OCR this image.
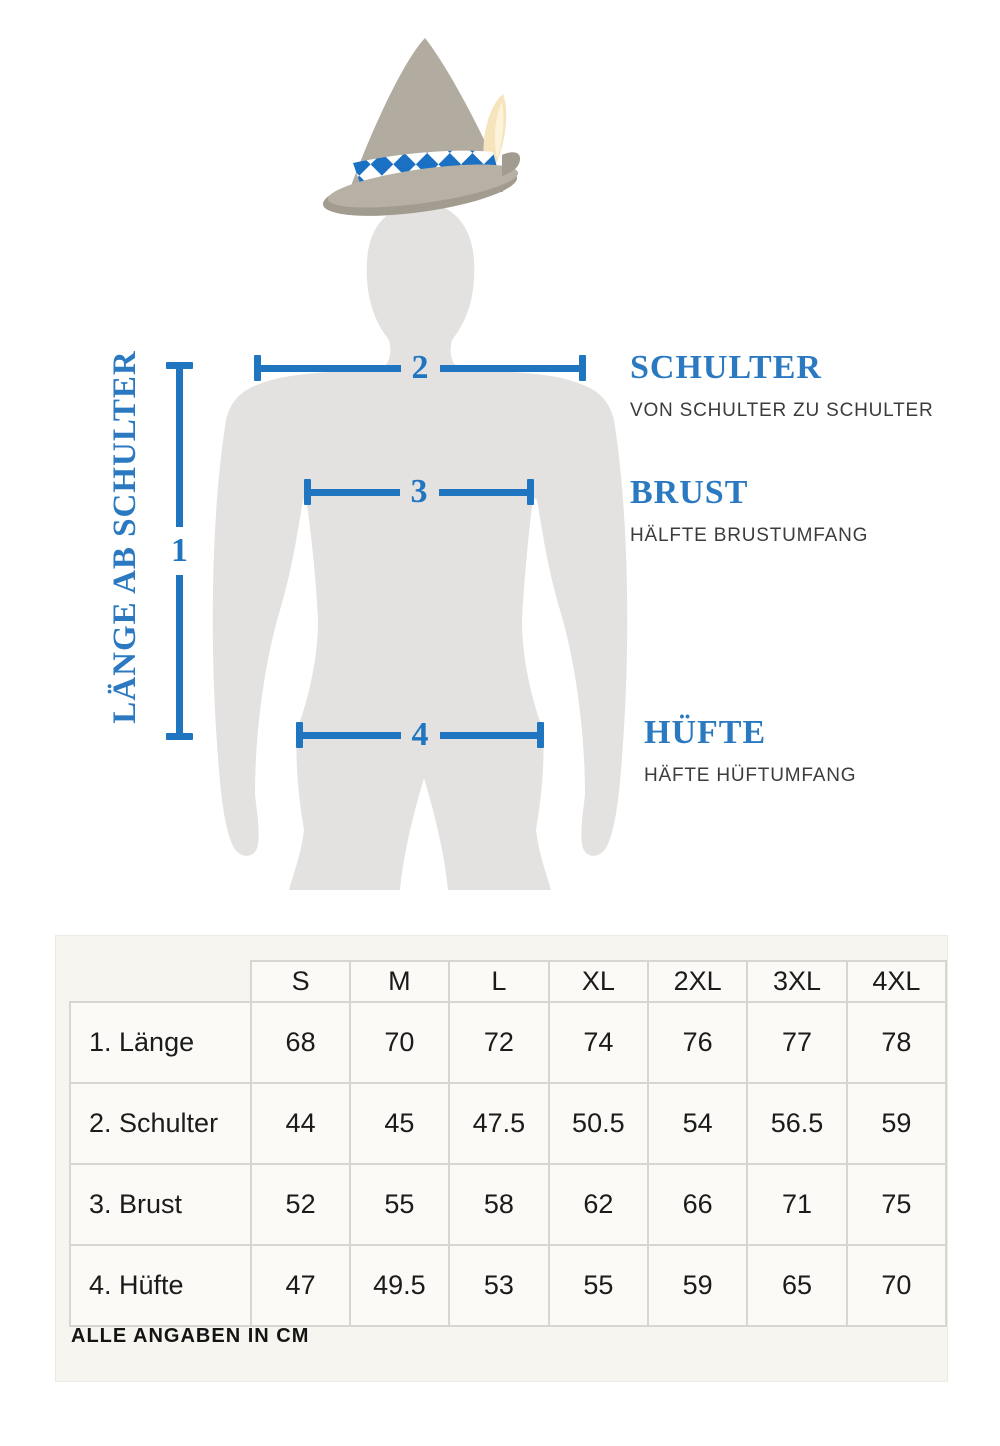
1
LÄNGE AB SCHULTER	2
3
4
SCHULTER
VON SCHULTER ZU SCHULTER
BRUST
HÄLFTE BRUSTUMFANG
HÜFTE
HÄFTE HÜFTUMFANG
	S	M	L	XL	2XL	3XL	4XL
1. Länge	68	70	72	74	76	77	78
2. Schulter	44	45	47.5	50.5	54	56.5	59
3. Brust	52	55	58	62	66	71	75
4. Hüfte	47	49.5	53	55	59	65	70
ALLE ANGABEN IN CM
